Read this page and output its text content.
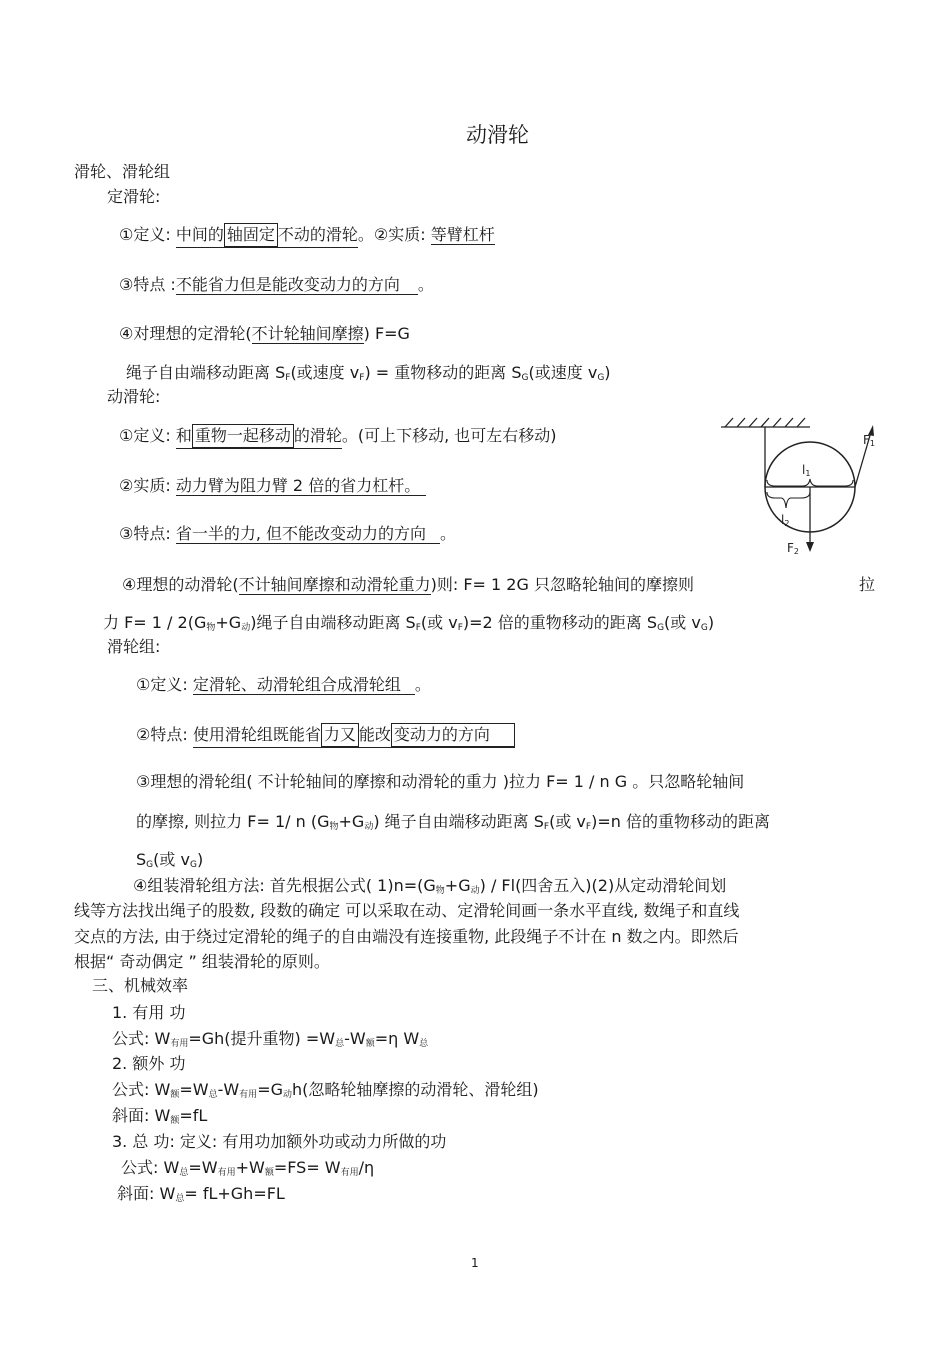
动滑轮
滑轮、滑轮组
定滑轮:
①定义: 中间的 轴固定 不动的滑轮。②实质: 等臂杠杆
③特点 :不能省力但是能改变动力的方向 。
④对理想的定滑轮(不计轮轴间摩擦) F=G
绳子自由端移动距离 SF(或速度 vF) = 重物移动的距离 SG(或速度 vG)
动滑轮:
①定义: 和 重物一起移动 的滑轮。(可上下移动, 也可左右移动)
②实质: 动力臂为阻力臂 2 倍的省力杠杆。
③特点: 省一半的力, 但不能改变动力的方向 。
④理想的动滑轮(不计轴间摩擦和动滑轮重力)则: F= 1 2G 只忽略轮轴间的摩擦则	拉
力 F= 1 / 2(G物+G动)绳子自由端移动距离 SF(或 vF)=2 倍的重物移动的距离 SG(或 vG)
F1
l1
l2
F2
滑轮组:
①定义: 定滑轮、动滑轮组合成滑轮组 。
②特点: 使用滑轮组既能省 力又 能改 变动力的方向
③理想的滑轮组( 不计轮轴间的摩擦和动滑轮的重力 )拉力 F= 1 / n G 。只忽略轮轴间
的摩擦, 则拉力 F= 1/ n (G物+G动) 绳子自由端移动距离 SF(或 vF)=n 倍的重物移动的距离
SG(或 vG)
④组装滑轮组方法: 首先根据公式( 1)n=(G物+G动) / Fl(四舍五入)(2)从定动滑轮间划
线等方法找出绳子的股数, 段数的确定 可以采取在动、定滑轮间画一条水平直线, 数绳子和直线
交点的方法, 由于绕过定滑轮的绳子的自由端没有连接重物, 此段绳子不计在 n 数之内。即然后
根据“ 奇动偶定 ” 组装滑轮的原则。
三、机械效率
1. 有用 功
公式: W有用=Gh(提升重物) =W总-W额=η W总
2. 额外 功
公式: W额=W总-W有用=G动h(忽略轮轴摩擦的动滑轮、滑轮组)
斜面: W额=fL
3. 总 功: 定义: 有用功加额外功或动力所做的功
公式: W总=W有用+W额=FS= W有用/η
斜面: W总= fL+Gh=FL
1
